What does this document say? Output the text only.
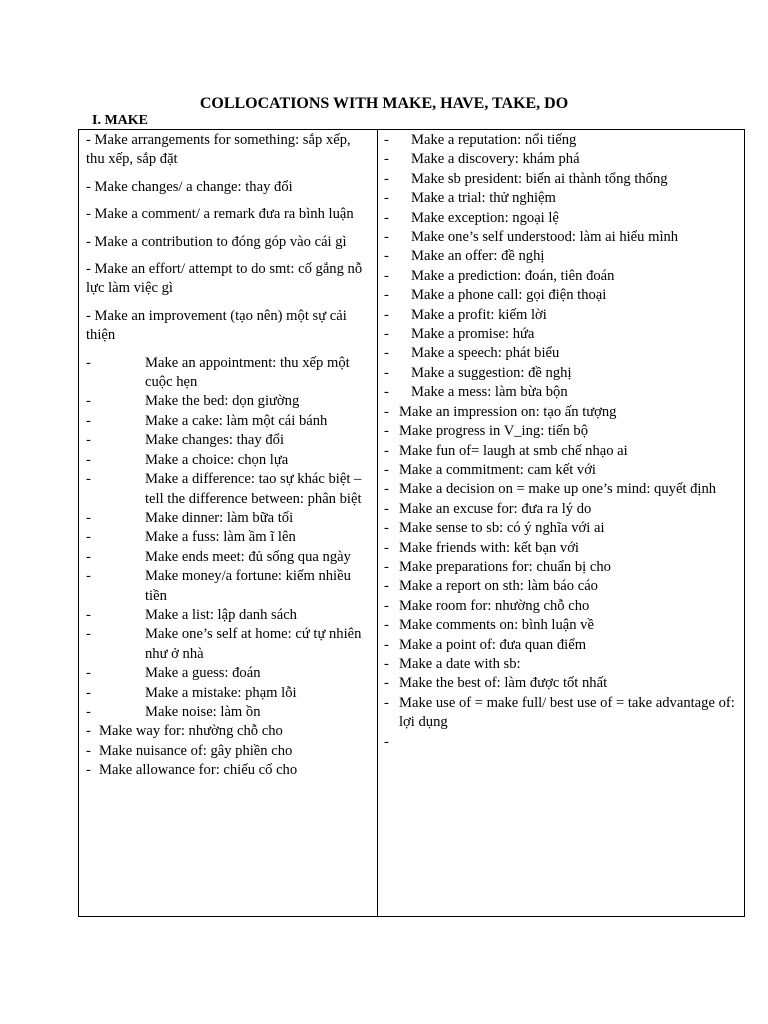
COLLOCATIONS WITH MAKE, HAVE, TAKE, DO
I. MAKE

- Make arrangements for something: sắp xếp, thu xếp, sắp đặt

- Make changes/ a change: thay đổi

- Make a comment/ a remark đưa ra bình luận

- Make a contribution to đóng góp vào cái gì

- Make an effort/ attempt to do smt: cố gắng nỗ lực làm việc gì

- Make an improvement (tạo nên) một sự cải thiện

-	Make an appointment: thu xếp một cuộc hẹn
-	Make the bed: dọn giường
-	Make a cake: làm một cái bánh
-	Make changes: thay đổi
-	Make a choice: chọn lựa
-	Make a difference: tao sự khác biệt – tell the difference between: phân biệt
-	Make dinner: làm bữa tối
-	Make a fuss: làm ầm ĩ lên
-	Make ends meet: đủ sống qua ngày
-	Make money/a fortune: kiếm nhiều tiền
-	Make a list: lập danh sách
-	Make one’s self at home: cứ tự nhiên như ở nhà
-	Make a guess: đoán
-	Make a mistake: phạm lỗi
-	Make noise: làm ồn
- Make way for: nhường chỗ cho
- Make nuisance of: gây phiền cho
- Make allowance for: chiếu cố cho
-	Make a reputation: nổi tiếng
-	Make a discovery: khám phá
-	Make sb president: biến ai thành tổng thống
-	Make a trial: thử nghiệm
-	Make exception: ngoại lệ
-	Make one’s self understood: làm ai hiểu mình
-	Make an offer: đề nghị
-	Make a prediction: đoán, tiên đoán
-	Make a phone call: gọi điện thoại
-	Make a profit: kiếm lời
-	Make a promise: hứa
-	Make a speech: phát biểu
-	Make a suggestion: đề nghị
-	Make a mess: làm bừa bộn
- Make an impression on: tạo ấn tượng
- Make progress in V_ing: tiến bộ
- Make fun of= laugh at smb chế nhạo ai
- Make a commitment: cam kết với
- Make a decision on = make up one’s mind: quyết định
- Make an excuse for: đưa ra lý do
- Make sense to sb: có ý nghĩa với ai
- Make friends with: kết bạn với
- Make preparations for: chuẩn bị cho
- Make a report on sth: làm báo cáo
- Make room for: nhường chỗ cho
- Make comments on: bình luận về
- Make a point of: đưa quan điểm
- Make a date with sb:
- Make the best of: làm được tốt nhất
- Make use of = make full/ best use of = take advantage of: lợi dụng
-
